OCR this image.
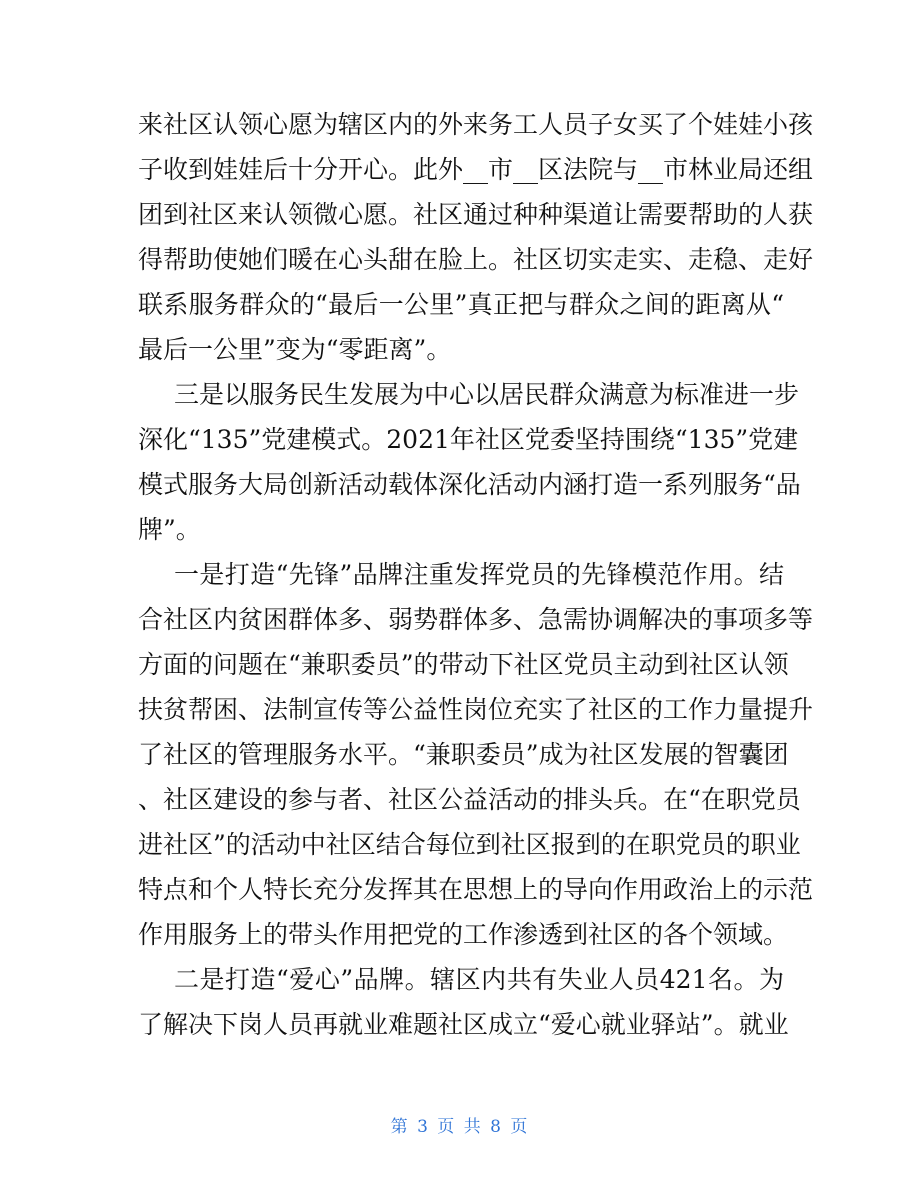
来社区认领心愿为辖区内的外来务工人员子女买了个娃娃小孩
子收到娃娃后十分开心。此外__市__区法院与__市林业局还组
团到社区来认领微心愿。社区通过种种渠道让需要帮助的人获
得帮助使她们暖在心头甜在脸上。社区切实走实、走稳、走好
联系服务群众的“最后一公里”真正把与群众之间的距离从“
最后一公里”变为“零距离”。
三是以服务民生发展为中心以居民群众满意为标准进一步
深化“135”党建模式。2021年社区党委坚持围绕“135”党建
模式服务大局创新活动载体深化活动内涵打造一系列服务“品
牌”。
一是打造“先锋”品牌注重发挥党员的先锋模范作用。结
合社区内贫困群体多、弱势群体多、急需协调解决的事项多等
方面的问题在“兼职委员”的带动下社区党员主动到社区认领
扶贫帮困、法制宣传等公益性岗位充实了社区的工作力量提升
了社区的管理服务水平。“兼职委员”成为社区发展的智囊团
、社区建设的参与者、社区公益活动的排头兵。在“在职党员
进社区”的活动中社区结合每位到社区报到的在职党员的职业
特点和个人特长充分发挥其在思想上的导向作用政治上的示范
作用服务上的带头作用把党的工作渗透到社区的各个领域。
二是打造“爱心”品牌。辖区内共有失业人员421名。为
了解决下岗人员再就业难题社区成立“爱心就业驿站”。就业
第 3 页 共 8 页
